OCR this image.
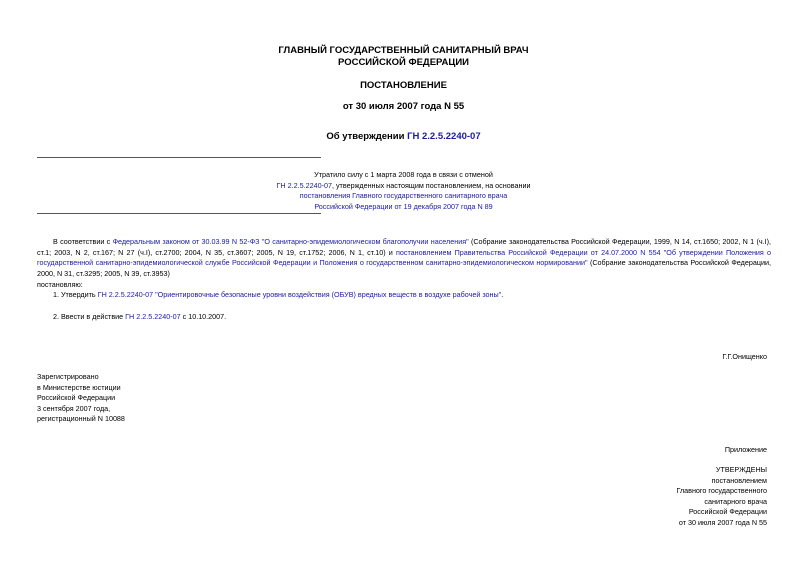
ГЛАВНЫЙ ГОСУДАРСТВЕННЫЙ САНИТАРНЫЙ ВРАЧ
РОССИЙСКОЙ ФЕДЕРАЦИИ
ПОСТАНОВЛЕНИЕ
от 30 июля 2007 года N 55
Об утверждении ГН 2.2.5.2240-07
Утратило силу с 1 марта 2008 года в связи с отменой
ГН 2.2.5.2240-07, утвержденных настоящим постановлением, на основании
постановления Главного государственного санитарного врача
Российской Федерации от 19 декабря 2007 года N 89
В соответствии с Федеральным законом от 30.03.99 N 52-ФЗ "О санитарно-эпидемиологическом благополучии населения" (Собрание законодательства Российской Федерации, 1999, N 14, ст.1650; 2002, N 1 (ч.I), ст.1; 2003, N 2, ст.167; N 27 (ч.I), ст.2700; 2004, N 35, ст.3607; 2005, N 19, ст.1752; 2006, N 1, ст.10) и постановлением Правительства Российской Федерации от 24.07.2000 N 554 "Об утверждении Положения о государственной санитарно-эпидемиологической службе Российской Федерации и Положения о государственном санитарно-эпидемиологическом нормировании" (Собрание законодательства Российской Федерации, 2000, N 31, ст.3295; 2005, N 39, ст.3953)
постановляю:
1. Утвердить ГН 2.2.5.2240-07 "Ориентировочные безопасные уровни воздействия (ОБУВ) вредных веществ в воздухе рабочей зоны".
2. Ввести в действие ГН 2.2.5.2240-07 с 10.10.2007.
Г.Г.Онищенко
Зарегистрировано
в Министерстве юстиции
Российской Федерации
3 сентября 2007 года,
регистрационный N 10088
Приложение
УТВЕРЖДЕНЫ
постановлением
Главного государственного
санитарного врача
Российской Федерации
от 30 июля 2007 года N 55
